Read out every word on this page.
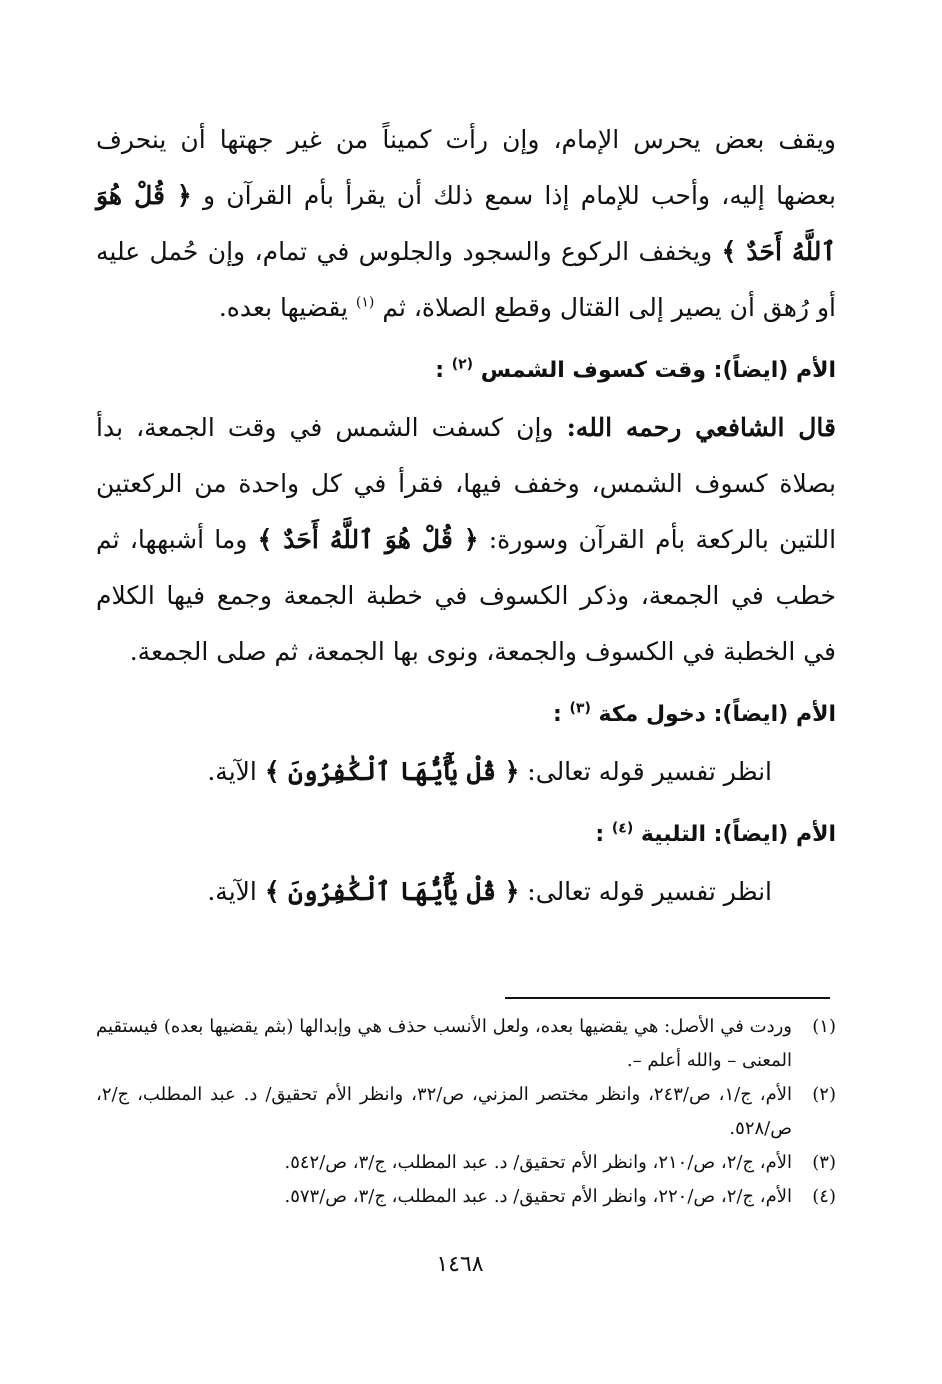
ويقف بعض يحرس الإمام، وإن رأت كميناً من غير جهتها أن ينحرف بعضها إليه، وأحب للإمام إذا سمع ذلك أن يقرأ بأم القرآن و ﴿ قُلْ هُوَ ٱللَّهُ أَحَدٌ ﴾ ويخفف الركوع والسجود والجلوس في تمام، وإن حُمل عليه أو رُهق أن يصير إلى القتال وقطع الصلاة، ثم $^{(١)}$ يقضيها بعده.

الأم (ايضاً): وقت كسوف الشمس $^{(٢)}$ :

قال الشافعي رحمه الله: وإن كسفت الشمس في وقت الجمعة، بدأ بصلاة كسوف الشمس، وخفف فيها، فقرأ في كل واحدة من الركعتين اللتين بالركعة بأم القرآن وسورة: ﴿ قُلْ هُوَ ٱللَّهُ أَحَدٌ ﴾ وما أشبهها، ثم خطب في الجمعة، وذكر الكسوف في خطبة الجمعة وجمع فيها الكلام في الخطبة في الكسوف والجمعة، ونوى بها الجمعة، ثم صلى الجمعة.

الأم (ايضاً): دخول مكة $^{(٣)}$ :

انظر تفسير قوله تعالى: ﴿ قُلْ يَٰٓأَيُّهَا ٱلْكَٰفِرُونَ ﴾ الآية.

الأم (ايضاً): التلبية $^{(٤)}$ :

انظر تفسير قوله تعالى: ﴿ قُلْ يَٰٓأَيُّهَا ٱلْكَٰفِرُونَ ﴾ الآية.

(١)
وردت في الأصل: هي يقضيها بعده، ولعل الأنسب حذف هي وإبدالها (بثم يقضيها بعده) فيستقيم المعنى – والله أعلم –.
(٢)
الأم، ج/١، ص/٢٤٣، وانظر مختصر المزني، ص/٣٢، وانظر الأم تحقيق/ د. عبد المطلب، ج/٢، ص/٥٢٨.
(٣)
الأم، ج/٢، ص/٢١٠، وانظر الأم تحقيق/ د. عبد المطلب، ج/٣، ص/٥٤٢.
(٤)
الأم، ج/٢، ص/٢٢٠، وانظر الأم تحقيق/ د. عبد المطلب، ج/٣، ص/٥٧٣.
١٤٦٨
